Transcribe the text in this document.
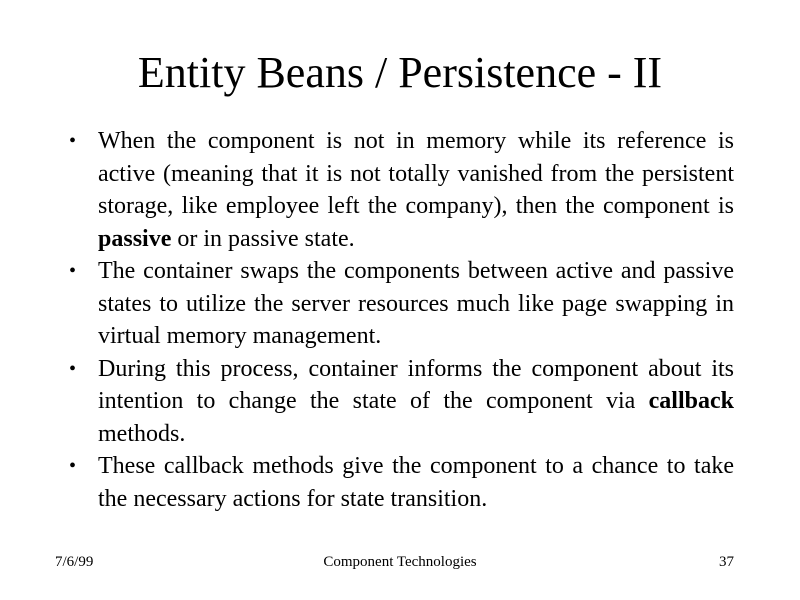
Entity Beans / Persistence - II
• When the component is not in memory while its reference is active (meaning that it is not totally vanished from the persistent storage, like employee left the company), then the component is passive or in passive state.
• The container swaps the components between active and passive states to utilize the server resources much like page swapping in virtual memory management.
• During this process, container informs the component about its intention to change the state of the component via callback methods.
• These callback methods give the component to a chance to take the necessary actions for state transition.
7/6/99	Component Technologies	37
